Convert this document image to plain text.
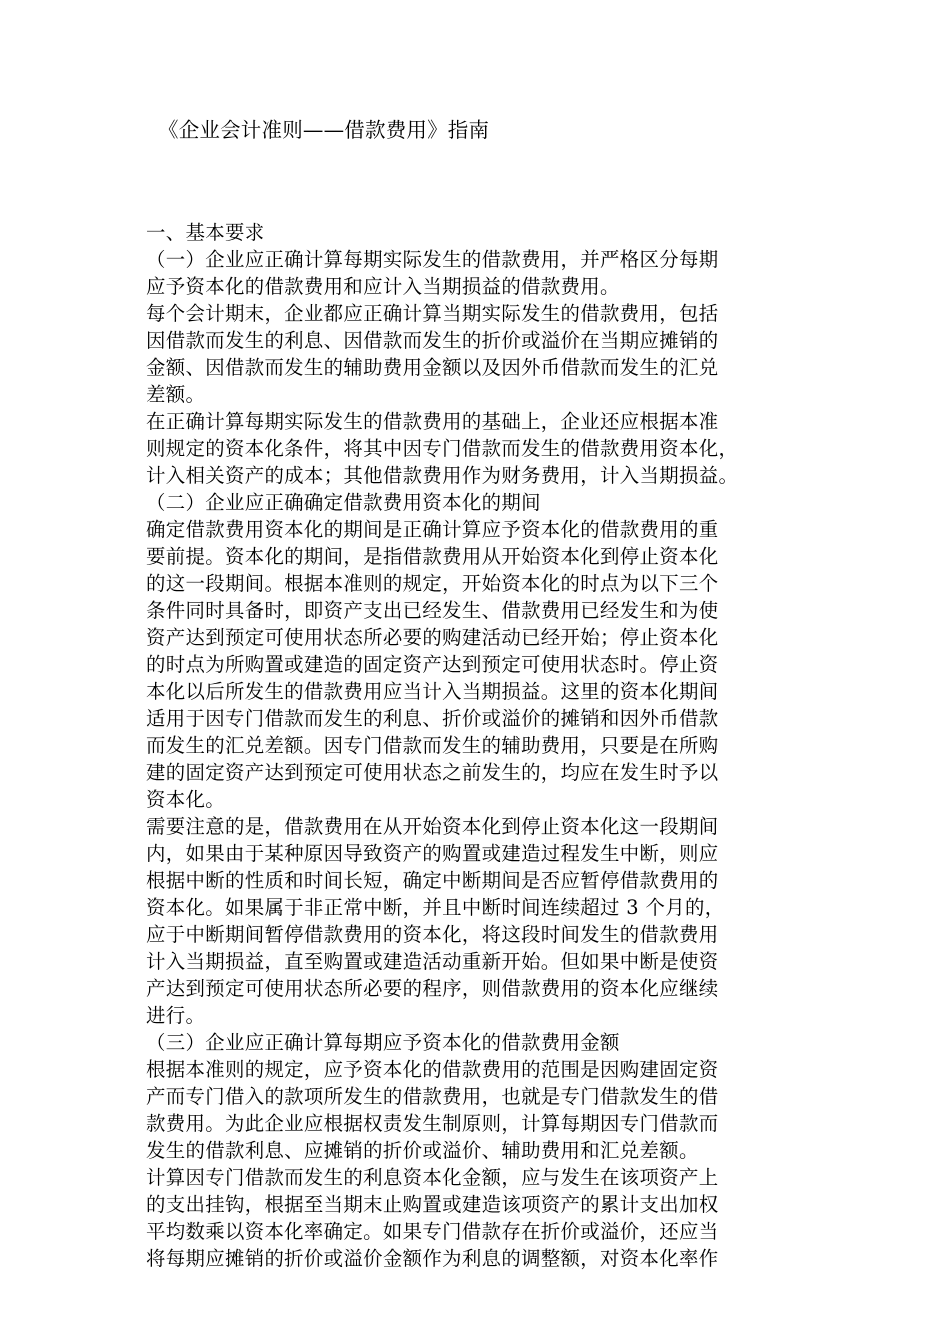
《企业会计准则——借款费用》指南
一、基本要求
（一）企业应正确计算每期实际发生的借款费用，并严格区分每期
应予资本化的借款费用和应计入当期损益的借款费用。
每个会计期末，企业都应正确计算当期实际发生的借款费用，包括
因借款而发生的利息、因借款而发生的折价或溢价在当期应摊销的
金额、因借款而发生的辅助费用金额以及因外币借款而发生的汇兑
差额。
在正确计算每期实际发生的借款费用的基础上，企业还应根据本准
则规定的资本化条件，将其中因专门借款而发生的借款费用资本化，
计入相关资产的成本；其他借款费用作为财务费用，计入当期损益。
（二）企业应正确确定借款费用资本化的期间
确定借款费用资本化的期间是正确计算应予资本化的借款费用的重
要前提。资本化的期间，是指借款费用从开始资本化到停止资本化
的这一段期间。根据本准则的规定，开始资本化的时点为以下三个
条件同时具备时，即资产支出已经发生、借款费用已经发生和为使
资产达到预定可使用状态所必要的购建活动已经开始；停止资本化
的时点为所购置或建造的固定资产达到预定可使用状态时。停止资
本化以后所发生的借款费用应当计入当期损益。这里的资本化期间
适用于因专门借款而发生的利息、折价或溢价的摊销和因外币借款
而发生的汇兑差额。因专门借款而发生的辅助费用，只要是在所购
建的固定资产达到预定可使用状态之前发生的，均应在发生时予以
资本化。
需要注意的是，借款费用在从开始资本化到停止资本化这一段期间
内，如果由于某种原因导致资产的购置或建造过程发生中断，则应
根据中断的性质和时间长短，确定中断期间是否应暂停借款费用的
资本化。如果属于非正常中断，并且中断时间连续超过 3 个月的，
应于中断期间暂停借款费用的资本化，将这段时间发生的借款费用
计入当期损益，直至购置或建造活动重新开始。但如果中断是使资
产达到预定可使用状态所必要的程序，则借款费用的资本化应继续
进行。
（三）企业应正确计算每期应予资本化的借款费用金额
根据本准则的规定，应予资本化的借款费用的范围是因购建固定资
产而专门借入的款项所发生的借款费用，也就是专门借款发生的借
款费用。为此企业应根据权责发生制原则，计算每期因专门借款而
发生的借款利息、应摊销的折价或溢价、辅助费用和汇兑差额。
计算因专门借款而发生的利息资本化金额，应与发生在该项资产上
的支出挂钩，根据至当期末止购置或建造该项资产的累计支出加权
平均数乘以资本化率确定。如果专门借款存在折价或溢价，还应当
将每期应摊销的折价或溢价金额作为利息的调整额，对资本化率作
